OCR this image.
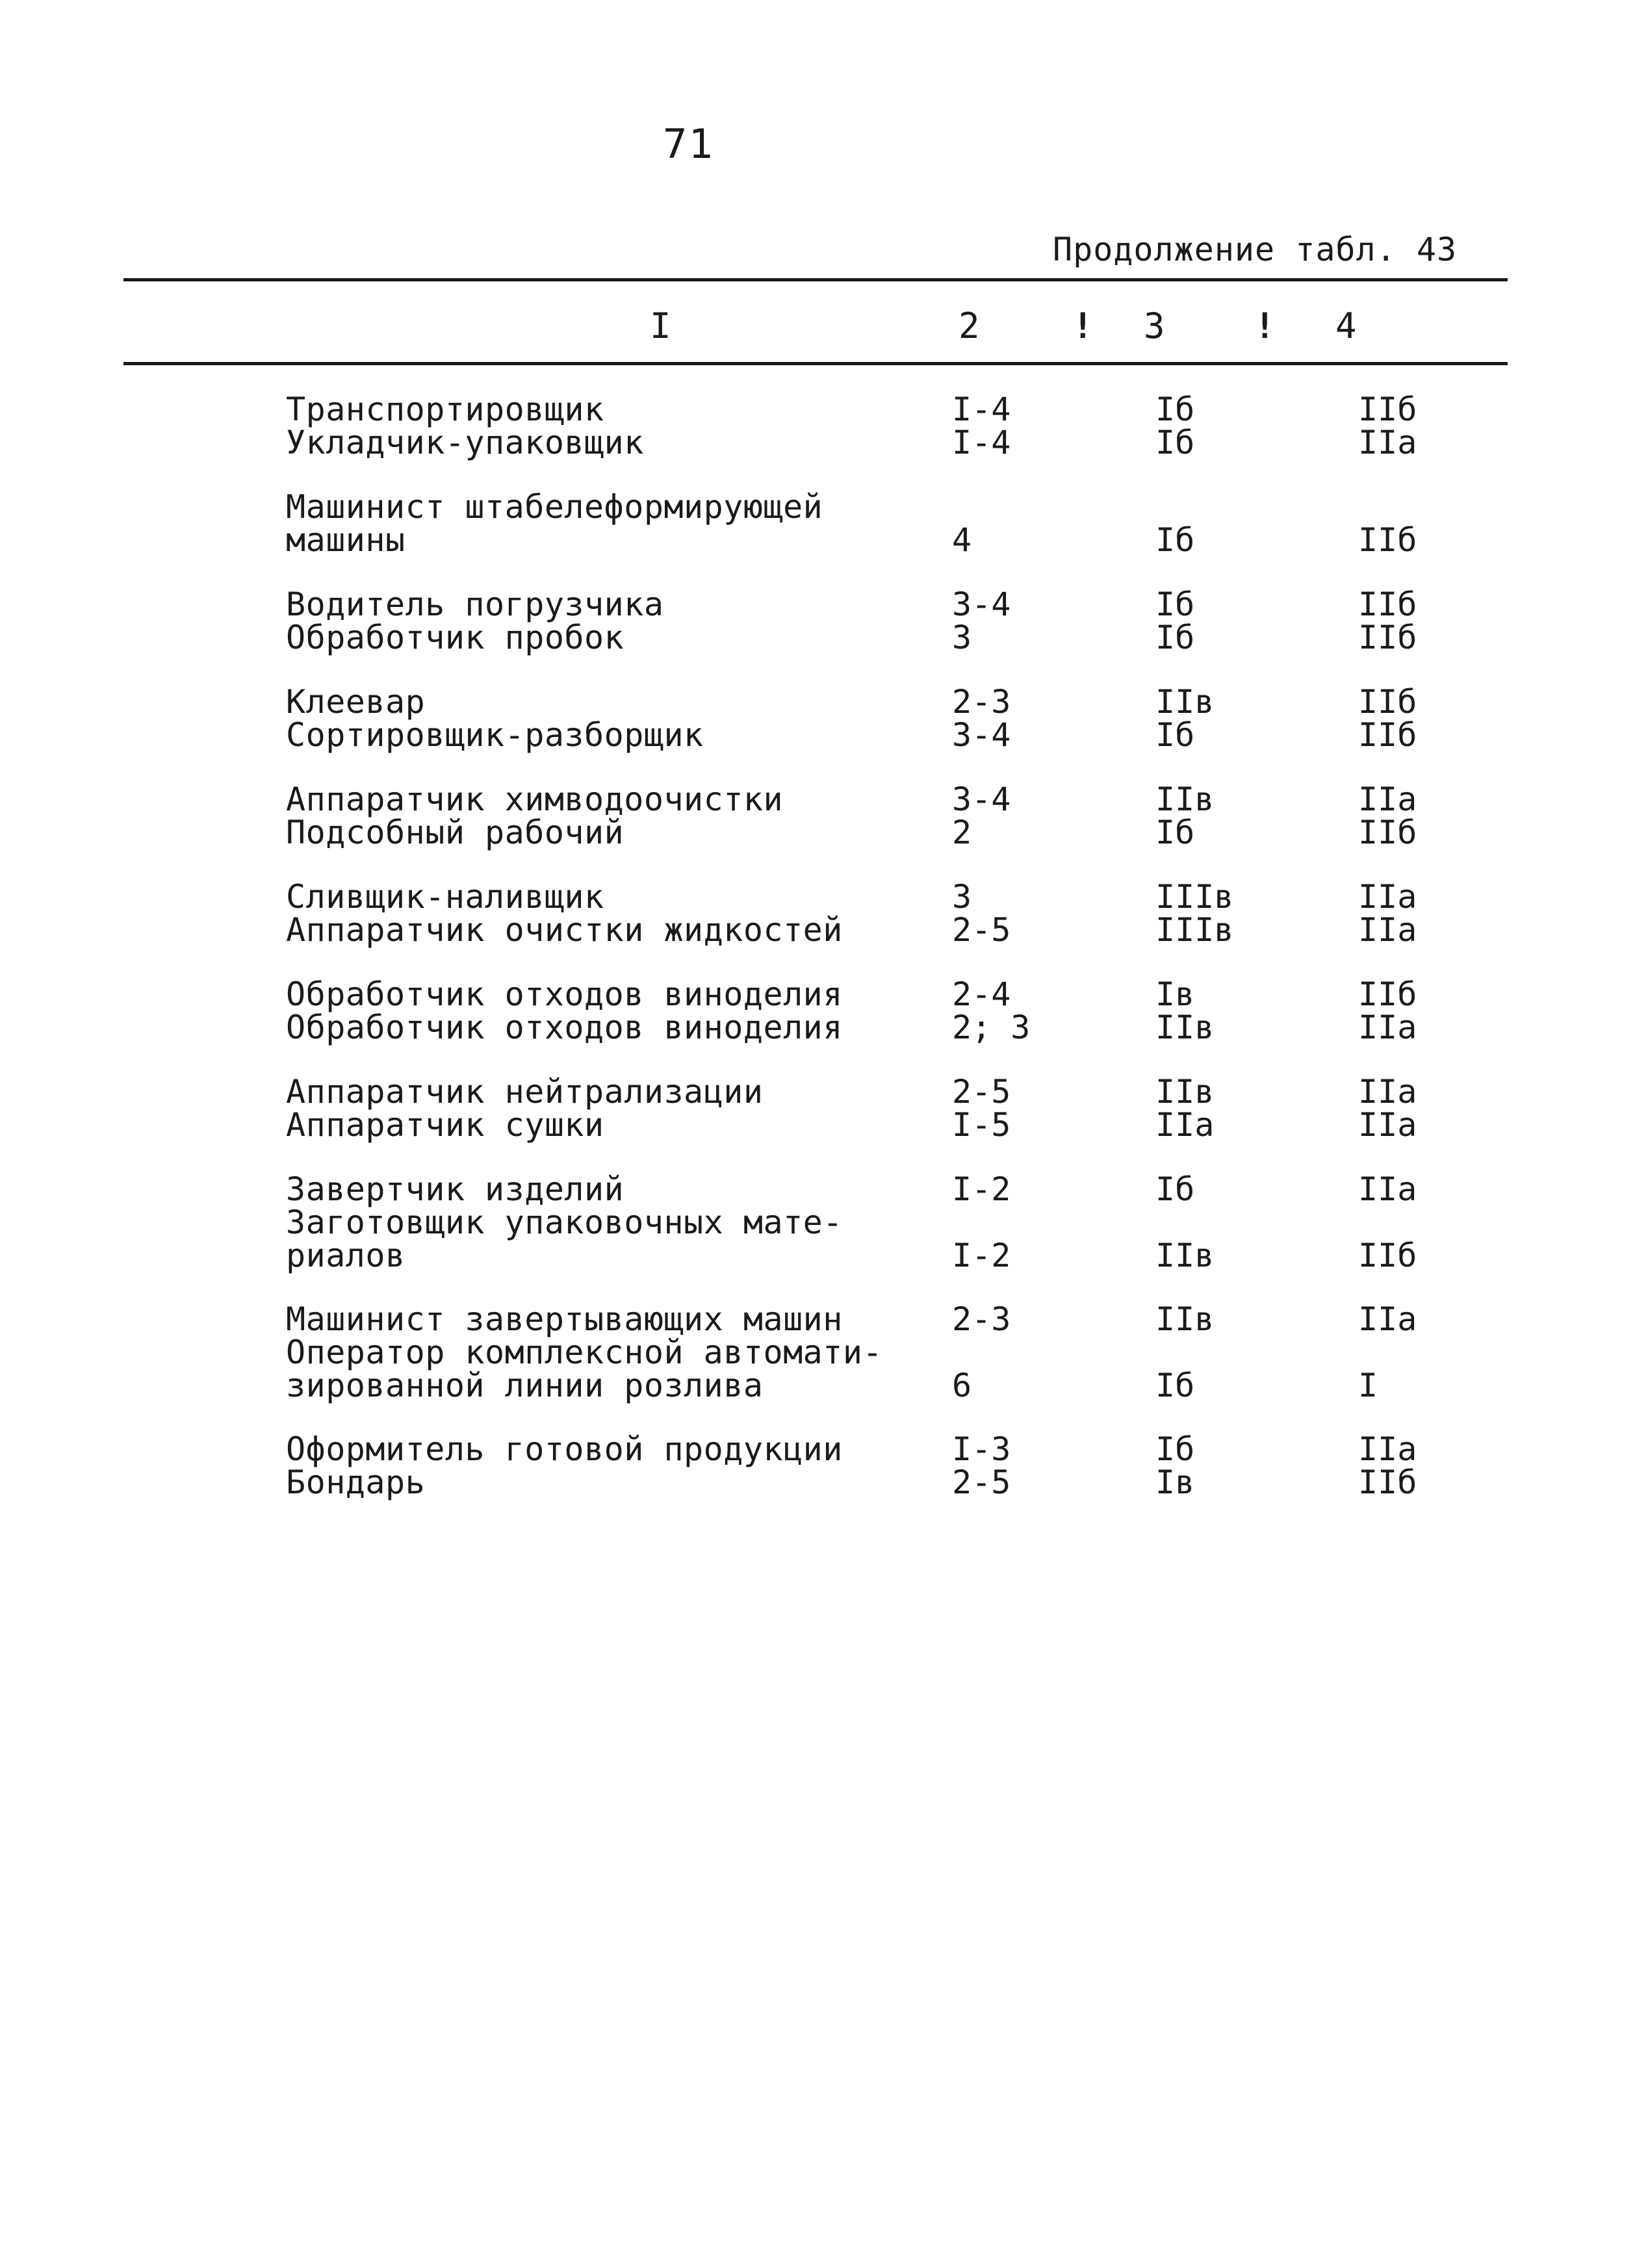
71
Продолжение табл. 43
I	2	! 3	! 4
Транспортировщик	I-4	Iб	IIб
Укладчик-упаковщик	I-4	Iб	IIа
Машинист штабелеформирующей
машины	4	Iб	IIб
Водитель погрузчика	3-4	Iб	IIб
Обработчик пробок	3	Iб	IIб
Клеевар	2-3	IIв	IIб
Сортировщик-разборщик	3-4	Iб	IIб
Аппаратчик химводоочистки	3-4	IIв	IIа
Подсобный рабочий	2	Iб	IIб
Сливщик-наливщик	3	IIIв	IIа
Аппаратчик очистки жидкостей	2-5	IIIв	IIа
Обработчик отходов виноделия	2-4	Iв	IIб
Обработчик отходов виноделия	2; 3	IIв	IIа
Аппаратчик нейтрализации	2-5	IIв	IIа
Аппаратчик сушки	I-5	IIа	IIа
Завертчик изделий	I-2	Iб	IIа
Заготовщик упаковочных мате-
риалов	I-2	IIв	IIб
Машинист завертывающих машин	2-3	IIв	IIа
Оператор комплексной автомати-
зированной линии розлива	6	Iб	I
Оформитель готовой продукции	I-3	Iб	IIа
Бондарь	2-5	Iв	IIб
